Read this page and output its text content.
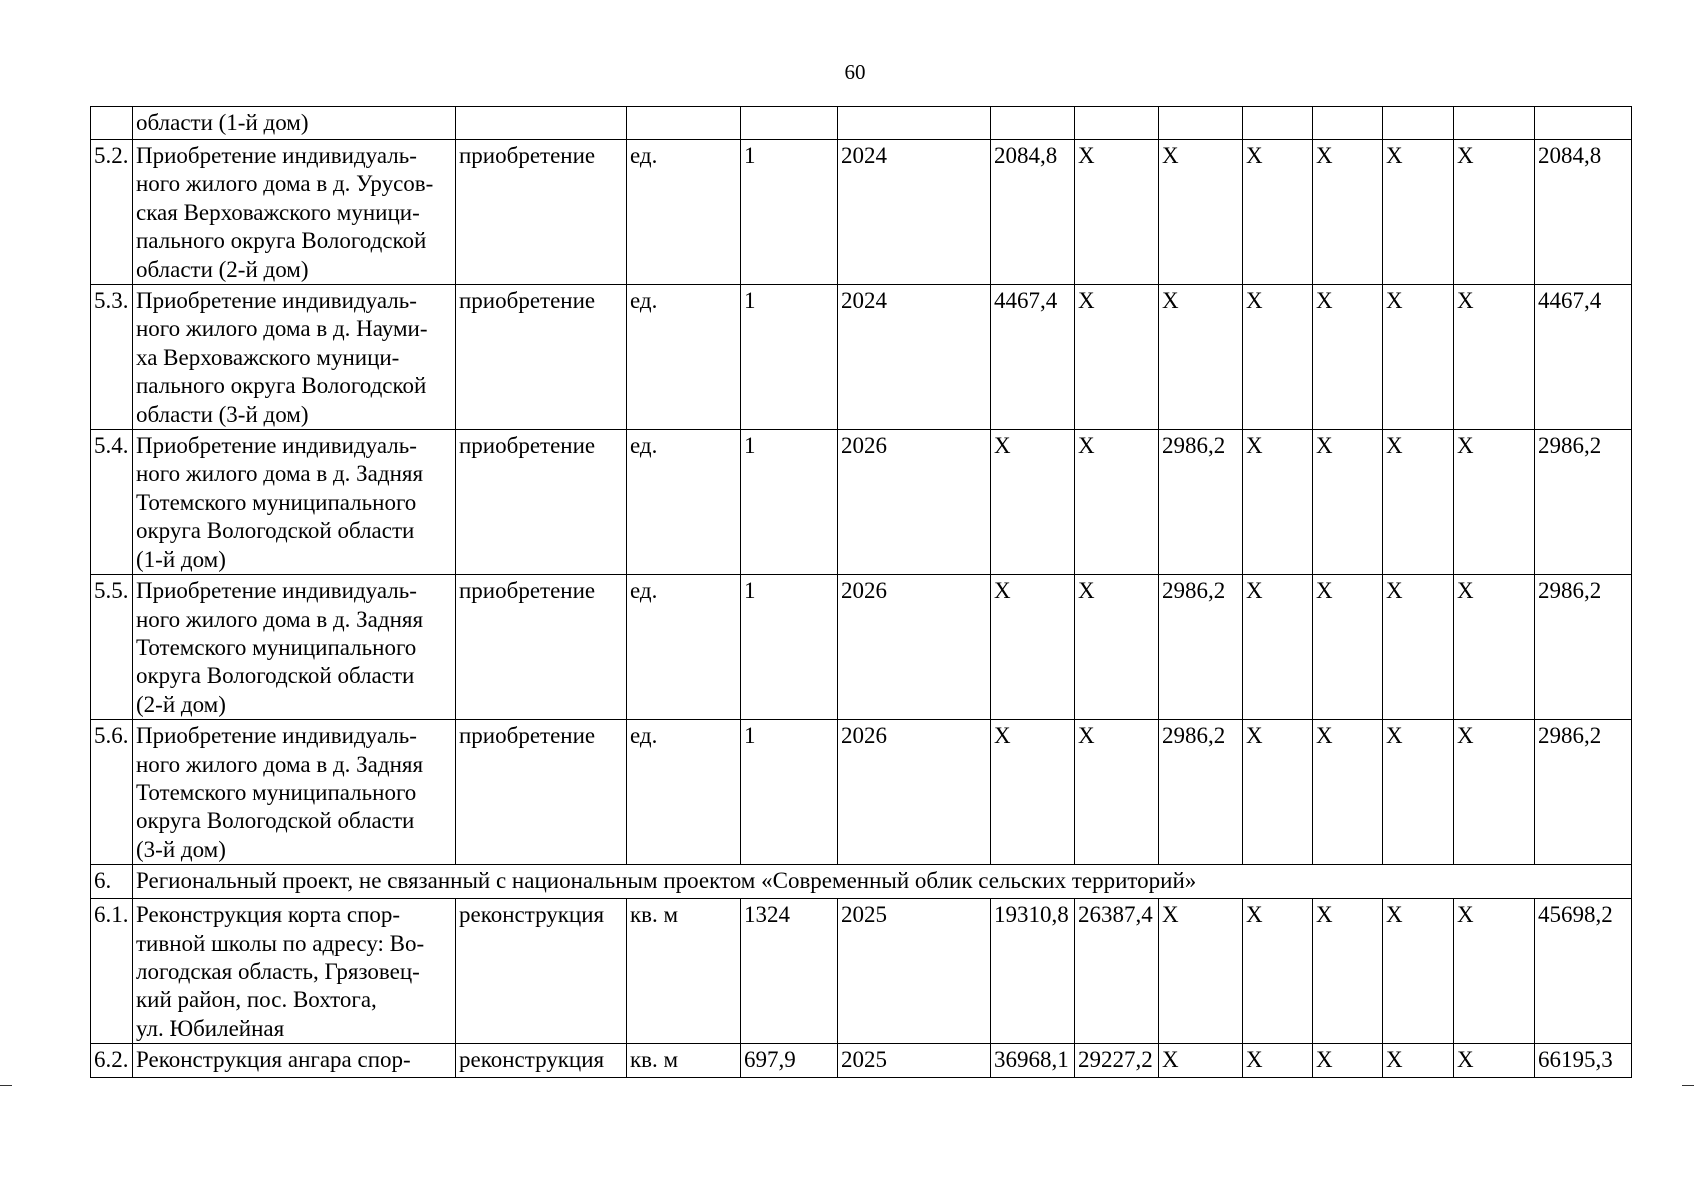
60
	области (1-й дом)												
5.2.	Приобретение индивидуаль-
ного жилого дома в д. Урусов-
ская Верховажского муници-
пального округа Вологодской
области (2-й дом)	приобретение	ед.	1	2024	2084,8	X	X	X	X	X	X	2084,8
5.3.	Приобретение индивидуаль-
ного жилого дома в д. Науми-
ха Верховажского муници-
пального округа Вологодской
области (3-й дом)	приобретение	ед.	1	2024	4467,4	X	X	X	X	X	X	4467,4
5.4.	Приобретение индивидуаль-
ного жилого дома в д. Задняя
Тотемского муниципального
округа Вологодской области
(1-й дом)	приобретение	ед.	1	2026	X	X	2986,2	X	X	X	X	2986,2
5.5.	Приобретение индивидуаль-
ного жилого дома в д. Задняя
Тотемского муниципального
округа Вологодской области
(2-й дом)	приобретение	ед.	1	2026	X	X	2986,2	X	X	X	X	2986,2
5.6.	Приобретение индивидуаль-
ного жилого дома в д. Задняя
Тотемского муниципального
округа Вологодской области
(3-й дом)	приобретение	ед.	1	2026	X	X	2986,2	X	X	X	X	2986,2
6.	Региональный проект, не связанный с национальным проектом «Современный облик сельских территорий»												
6.1.	Реконструкция корта спор-
тивной школы по адресу: Во-
логодская область, Грязовец-
кий район, пос. Вохтога,
ул. Юбилейная	реконструкция	кв. м	1324	2025	19310,8	26387,4	X	X	X	X	X	45698,2
6.2.	Реконструкция ангара спор-	реконструкция	кв. м	697,9	2025	36968,1	29227,2	X	X	X	X	X	66195,3
